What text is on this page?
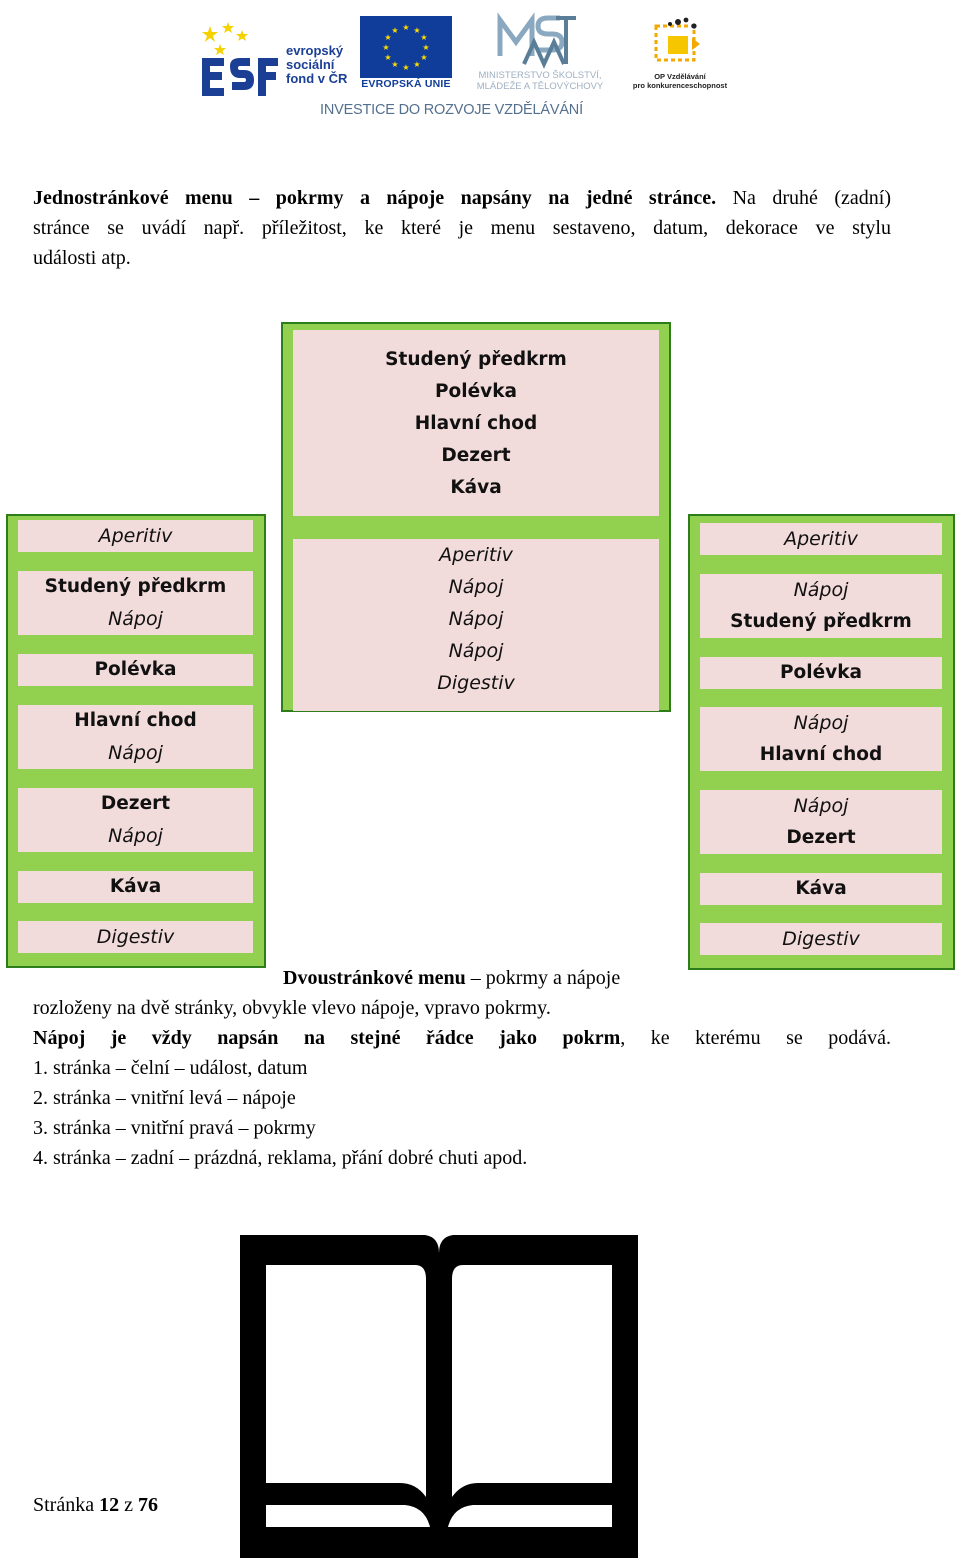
evropský
sociální
fond v ČR
★ ★
★
★
★
★
★
★
★
★
★
★
EVROPSKÁ UNIE
MINISTERSTVO ŠKOLSTVÍ,
MLÁDEŽE A TĚLOVÝCHOVY
OP Vzdělávání
pro konkurenceschopnost
INVESTICE DO ROZVOJE VZDĚLÁVÁNÍ
Jednostránkové menu – pokrmy a nápoje napsány na jedné stránce. Na druhé (zadní)
stránce se uvádí např. příležitost, ke které je menu sestaveno, datum, dekorace ve stylu
události atp.
Aperitiv
Studený předkrm
Nápoj
Polévka
Hlavní chod
Nápoj
Dezert
Nápoj
Káva
Digestiv
Studený předkrm
Polévka
Hlavní chod
Dezert
Káva
Aperitiv
Nápoj
Nápoj
Nápoj
Digestiv
Aperitiv
Nápoj
Studený předkrm
Polévka
Nápoj
Hlavní chod
Nápoj
Dezert
Káva
Digestiv
Dvoustránkové menu – pokrmy a nápoje
rozloženy na dvě stránky, obvykle vlevo nápoje, vpravo pokrmy.
Nápoj je vždy napsán na stejné řádce jako pokrm, ke kterému se podává.
1. stránka – čelní – událost, datum
2. stránka – vnitřní levá – nápoje
3. stránka – vnitřní pravá – pokrmy
4. stránka – zadní – prázdná, reklama, přání dobré chuti apod.
Stránka 12 z 76
